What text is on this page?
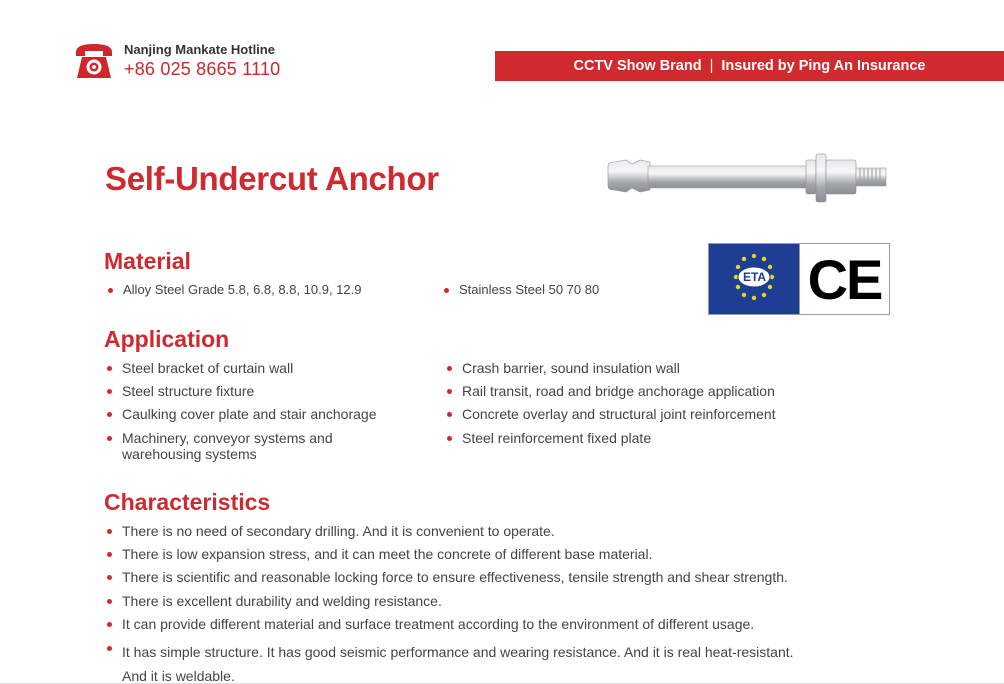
Nanjing Mankate Hotline
+86 025 8665 1110	CCTV Show Brand | Insured by Ping An Insurance
Self-Undercut Anchor
ETA CE
Material
Alloy Steel Grade 5.8, 6.8, 8.8, 10.9, 12.9	Stainless Steel 50 70 80
Application
Steel bracket of curtain wall
Steel structure fixture
Caulking cover plate and stair anchorage
Machinery, conveyor systems and warehousing systems
Crash barrier, sound insulation wall
Rail transit, road and bridge anchorage application
Concrete overlay and structural joint reinforcement
Steel reinforcement fixed plate
Characteristics
There is no need of secondary drilling. And it is convenient to operate.
There is low expansion stress, and it can meet the concrete of different base material.
There is scientific and reasonable locking force to ensure effectiveness, tensile strength and shear strength.
There is excellent durability and welding resistance.
It can provide different material and surface treatment according to the environment of different usage.
It has simple structure. It has good seismic performance and wearing resistance. And it is real heat-resistant. And it is weldable.
